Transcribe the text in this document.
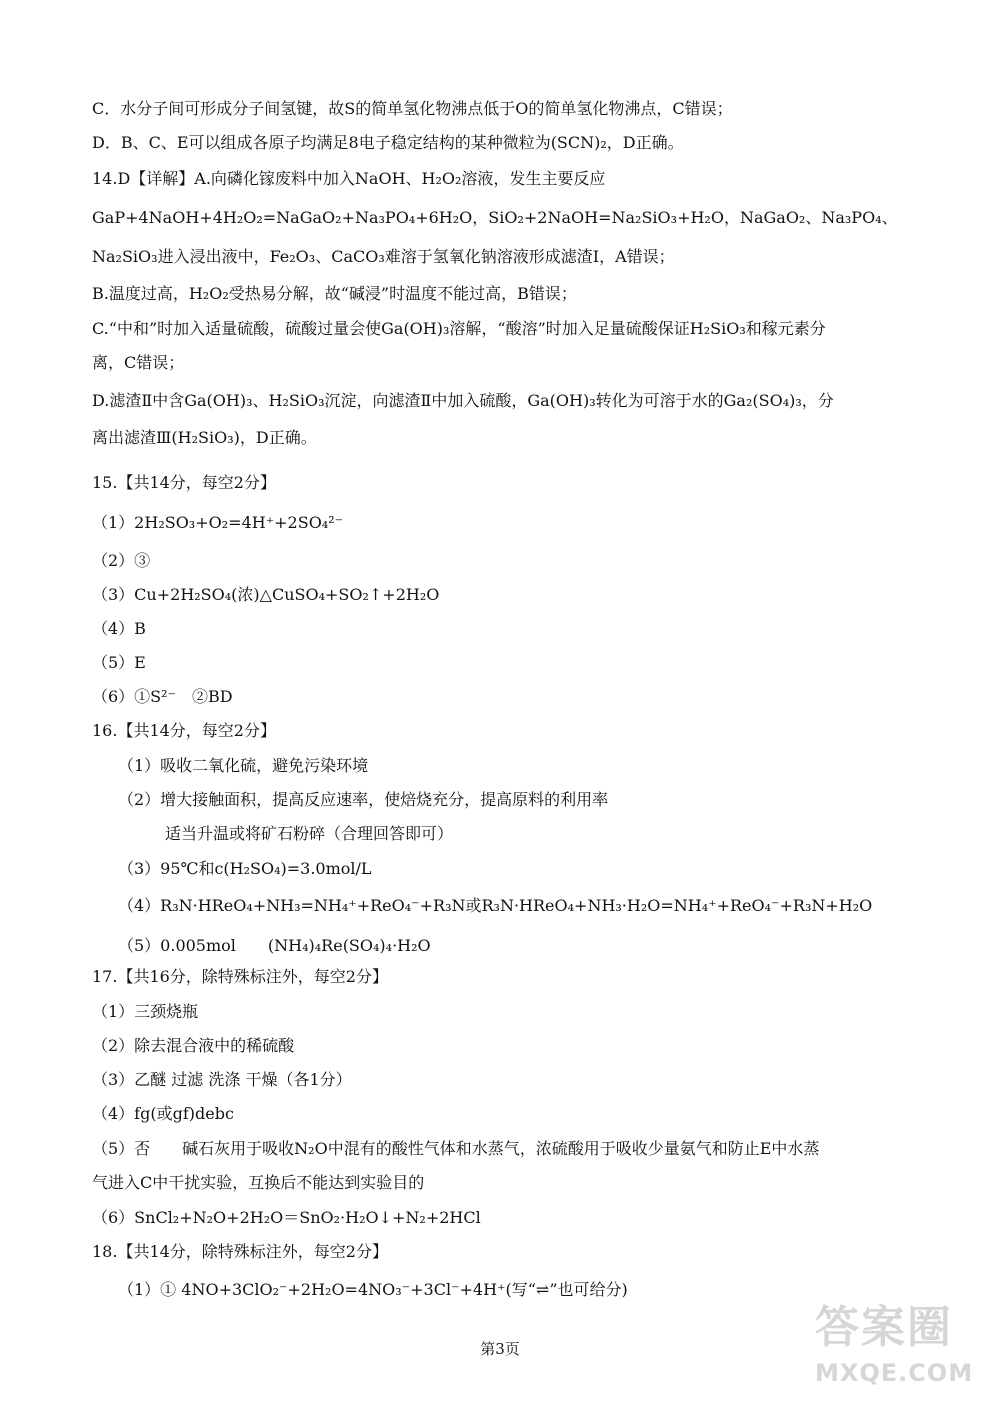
C．水分子间可形成分子间氢键，故S的简单氢化物沸点低于O的简单氢化物沸点，C错误；
D．B、C、E可以组成各原子均满足8电子稳定结构的某种微粒为(SCN)₂，D正确。
14.D【详解】A.向磷化镓废料中加入NaOH、H₂O₂溶液，发生主要反应
GaP+4NaOH+4H₂O₂=NaGaO₂+Na₃PO₄+6H₂O，SiO₂+2NaOH=Na₂SiO₃+H₂O，NaGaO₂、Na₃PO₄、
Na₂SiO₃进入浸出液中，Fe₂O₃、CaCO₃难溶于氢氧化钠溶液形成滤渣Ⅰ，A错误；
B.温度过高，H₂O₂受热易分解，故“碱浸”时温度不能过高，B错误；
C.“中和”时加入适量硫酸，硫酸过量会使Ga(OH)₃溶解，“酸溶”时加入足量硫酸保证H₂SiO₃和稼元素分
离，C错误；
D.滤渣Ⅱ中含Ga(OH)₃、H₂SiO₃沉淀，向滤渣Ⅱ中加入硫酸，Ga(OH)₃转化为可溶于水的Ga₂(SO₄)₃，分
离出滤渣Ⅲ(H₂SiO₃)，D正确。
15.【共14分，每空2分】
（1）2H₂SO₃+O₂=4H⁺+2SO₄²⁻
（2）③
（3）Cu+2H₂SO₄(浓)△CuSO₄+SO₂↑+2H₂O
（4）B
（5）E
（6）①S²⁻　②BD
16.【共14分，每空2分】
（1）吸收二氧化硫，避免污染环境
（2）增大接触面积，提高反应速率，使焙烧充分，提高原料的利用率
适当升温或将矿石粉碎（合理回答即可）
（3）95℃和c(H₂SO₄)=3.0mol/L
（4）R₃N·HReO₄+NH₃=NH₄⁺+ReO₄⁻+R₃N或R₃N·HReO₄+NH₃·H₂O=NH₄⁺+ReO₄⁻+R₃N+H₂O
（5）0.005mol　　(NH₄)₄Re(SO₄)₄·H₂O
17.【共16分，除特殊标注外，每空2分】
（1）三颈烧瓶
（2）除去混合液中的稀硫酸
（3）乙醚 过滤 洗涤 干燥（各1分）
（4）fg(或gf)debc
（5）否　　碱石灰用于吸收N₂O中混有的酸性气体和水蒸气，浓硫酸用于吸收少量氨气和防止E中水蒸
气进入C中干扰实验，互换后不能达到实验目的
（6）SnCl₂+N₂O+2H₂O＝SnO₂·H₂O↓+N₂+2HCl
18.【共14分，除特殊标注外，每空2分】
（1）① 4NO+3ClO₂⁻+2H₂O=4NO₃⁻+3Cl⁻+4H⁺(写“⇌”也可给分)
第3页	答案圈
MXQE.COM
